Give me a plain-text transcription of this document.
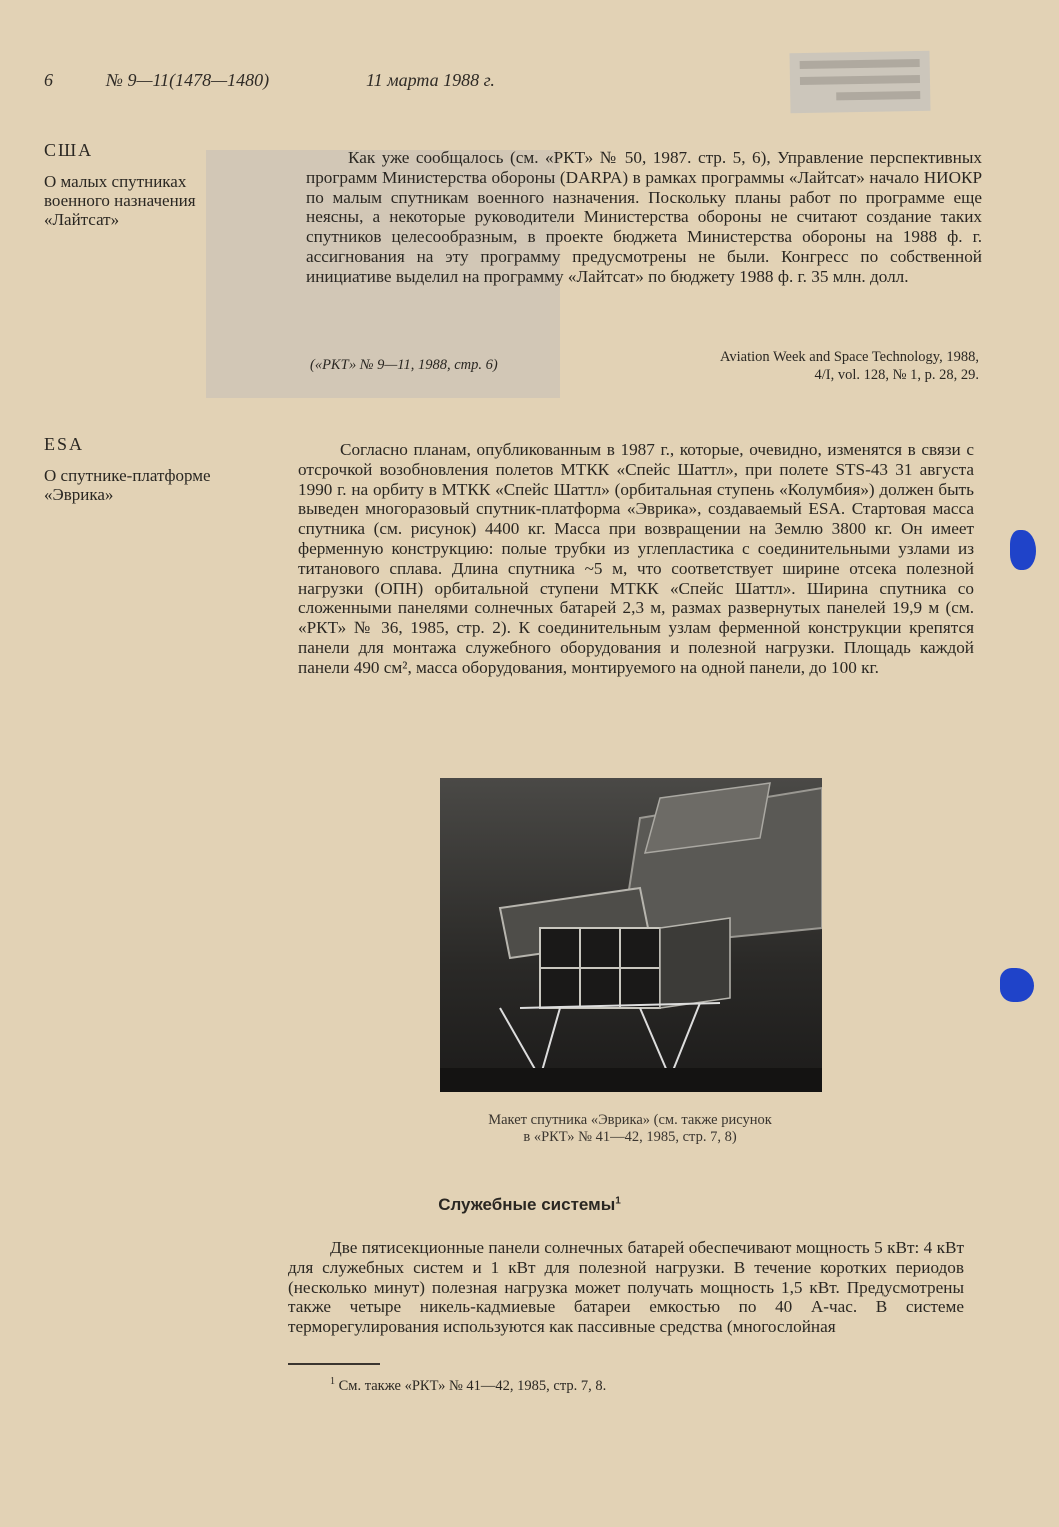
6	№ 9—11(1478—1480)	11 марта 1988 г.
США
О малых спутниках военного назначения «Лайтсат»
Как уже сообщалось (см. «РКТ» № 50, 1987. стр. 5, 6), Управление перспективных программ Министерства обороны (DARPA) в рамках программы «Лайтсат» начало НИОКР по малым спутникам военного назначения. Поскольку планы работ по программе еще неясны, а некоторые руководители Министерства обороны не считают создание таких спутников целесообразным, в проекте бюджета Министерства обороны на 1988 ф. г. ассигнования на эту программу предусмотрены не были. Конгресс по собственной инициативе выделил на программу «Лайтсат» по бюджету 1988 ф. г. 35 млн. долл.
(«РКТ» № 9—11, 1988, стр. 6)	Aviation Week and Space Technology, 1988,
4/I, vol. 128, № 1, p. 28, 29.
ESA
О спутнике-платформе «Эврика»
Согласно планам, опубликованным в 1987 г., которые, очевидно, изменятся в связи с отсрочкой возобновления полетов МТКК «Спейс Шаттл», при полете STS-43 31 августа 1990 г. на орбиту в МТКК «Спейс Шаттл» (орбитальная ступень «Колумбия») должен быть выведен многоразовый спутник-платформа «Эврика», создаваемый ESA. Стартовая масса спутника (см. рисунок) 4400 кг. Масса при возвращении на Землю 3800 кг. Он имеет ферменную конструкцию: полые трубки из углепластика с соединительными узлами из титанового сплава. Длина спутника ~5 м, что соответствует ширине отсека полезной нагрузки (ОПН) орбитальной ступени МТКК «Спейс Шаттл». Ширина спутника со сложенными панелями солнечных батарей 2,3 м, размах развернутых панелей 19,9 м (см. «РКТ» № 36, 1985, стр. 2). К соединительным узлам ферменной конструкции крепятся панели для монтажа служебного оборудования и полезной нагрузки. Площадь каждой панели 490 см², масса оборудования, монтируемого на одной панели, до 100 кг.
Макет спутника «Эврика» (см. также рисунок
в «РКТ» № 41—42, 1985, стр. 7, 8)
Служебные системы$^1$
Две пятисекционные панели солнечных батарей обеспечивают мощность 5 кВт: 4 кВт для служебных систем и 1 кВт для полезной нагрузки. В течение коротких периодов (несколько минут) полезная нагрузка может получать мощность 1,5 кВт. Предусмотрены также четыре никель-кадмиевые батареи емкостью по 40 А-час. В системе терморегулирования используются как пассивные средства (многослойная
$^1$ См. также «РКТ» № 41—42, 1985, стр. 7, 8.
